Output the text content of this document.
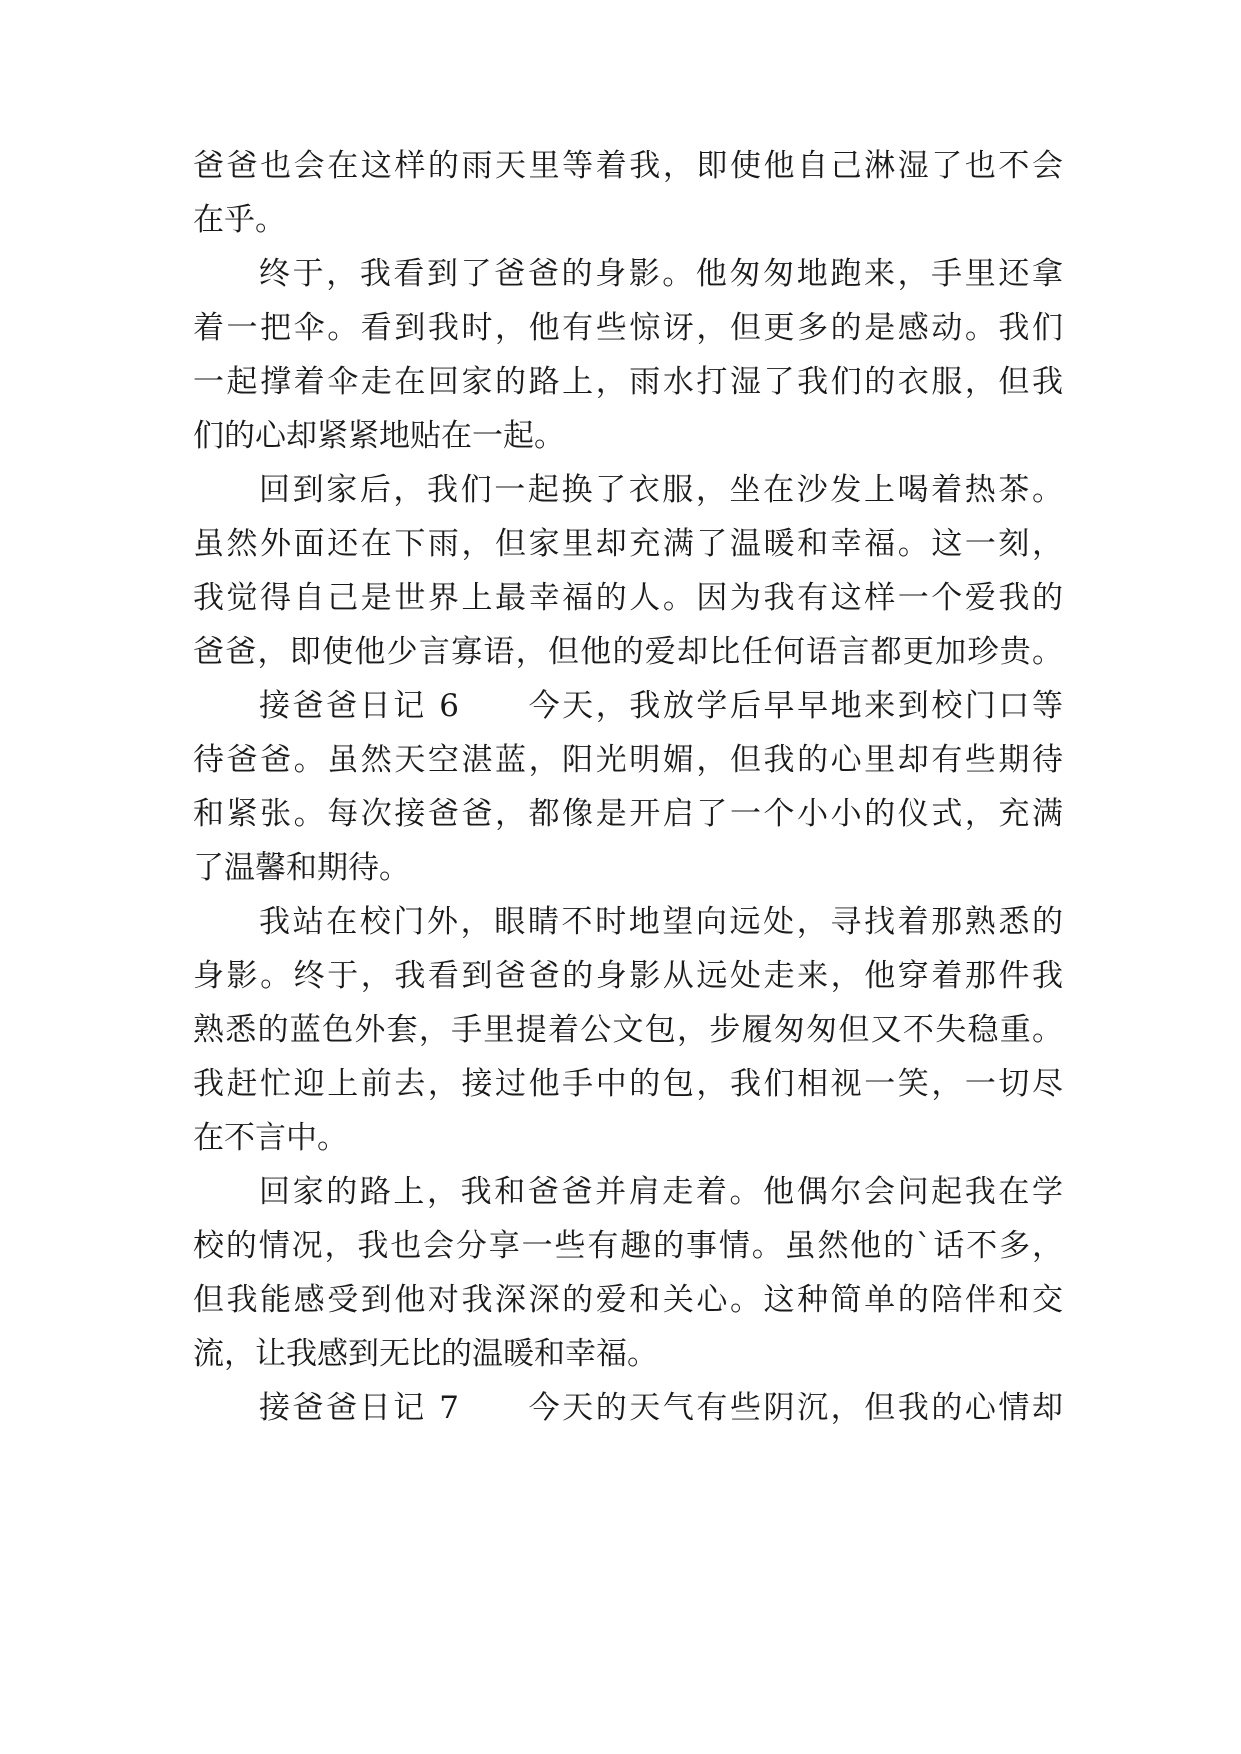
爸爸也会在这样的雨天里等着我，即使他自己淋湿了也不会
在乎。
终于，我看到了爸爸的身影。他匆匆地跑来，手里还拿
着一把伞。看到我时，他有些惊讶，但更多的是感动。我们
一起撑着伞走在回家的路上，雨水打湿了我们的衣服，但我
们的心却紧紧地贴在一起。
回到家后，我们一起换了衣服，坐在沙发上喝着热茶。
虽然外面还在下雨，但家里却充满了温暖和幸福。这一刻，
我觉得自己是世界上最幸福的人。因为我有这样一个爱我的
爸爸，即使他少言寡语，但他的爱却比任何语言都更加珍贵。
接爸爸日记 6　　今天，我放学后早早地来到校门口等
待爸爸。虽然天空湛蓝，阳光明媚，但我的心里却有些期待
和紧张。每次接爸爸，都像是开启了一个小小的仪式，充满
了温馨和期待。
我站在校门外，眼睛不时地望向远处，寻找着那熟悉的
身影。终于，我看到爸爸的身影从远处走来，他穿着那件我
熟悉的蓝色外套，手里提着公文包，步履匆匆但又不失稳重。
我赶忙迎上前去，接过他手中的包，我们相视一笑，一切尽
在不言中。
回家的路上，我和爸爸并肩走着。他偶尔会问起我在学
校的情况，我也会分享一些有趣的事情。虽然他的`话不多，
但我能感受到他对我深深的爱和关心。这种简单的陪伴和交
流，让我感到无比的温暖和幸福。
接爸爸日记 7　　今天的天气有些阴沉，但我的心情却
